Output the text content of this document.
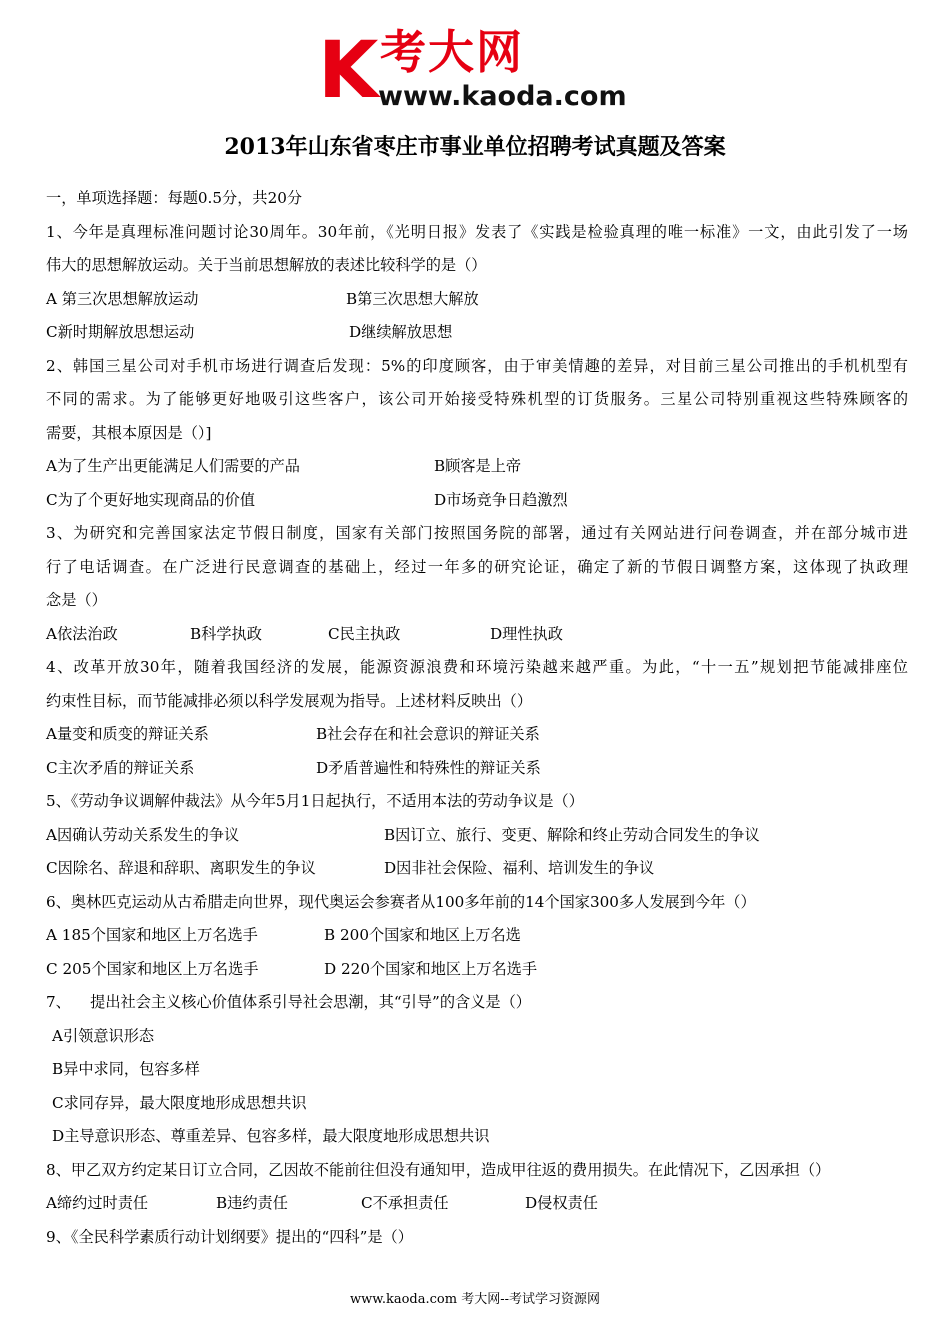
K 考大网
www.kaoda.com
2013年山东省枣庄市事业单位招聘考试真题及答案
一，单项选择题：每题0.5分，共20分
1、今年是真理标准问题讨论30周年。30年前，《光明日报》发表了《实践是检验真理的唯一标准》一文，由此引发了一场
伟大的思想解放运动。关于当前思想解放的表述比较科学的是（）
A 第三次思想解放运动	B第三次思想大解放
C新时期解放思想运动	D继续解放思想
2、韩国三星公司对手机市场进行调查后发现：5%的印度顾客，由于审美情趣的差异，对目前三星公司推出的手机机型有
不同的需求。为了能够更好地吸引这些客户，该公司开始接受特殊机型的订货服务。三星公司特别重视这些特殊顾客的
需要，其根本原因是（）]
A为了生产出更能满足人们需要的产品	B顾客是上帝
C为了个更好地实现商品的价值	D市场竞争日趋激烈
3、为研究和完善国家法定节假日制度，国家有关部门按照国务院的部署，通过有关网站进行问卷调查，并在部分城市进
行了电话调查。在广泛进行民意调查的基础上，经过一年多的研究论证，确定了新的节假日调整方案，这体现了执政理
念是（）
A依法治政	B科学执政	C民主执政	D理性执政
4、改革开放30年，随着我国经济的发展，能源资源浪费和环境污染越来越严重。为此，“十一五”规划把节能减排座位
约束性目标，而节能减排必须以科学发展观为指导。上述材料反映出（）
A量变和质变的辩证关系	B社会存在和社会意识的辩证关系
C主次矛盾的辩证关系	D矛盾普遍性和特殊性的辩证关系
5、《劳动争议调解仲裁法》从今年5月1日起执行，不适用本法的劳动争议是（）
A因确认劳动关系发生的争议	B因订立、旅行、变更、解除和终止劳动合同发生的争议
C因除名、辞退和辞职、离职发生的争议	D因非社会保险、福利、培训发生的争议
6、奥林匹克运动从古希腊走向世界，现代奥运会参赛者从100多年前的14个国家300多人发展到今年（）
A 185个国家和地区上万名选手	B 200个国家和地区上万名选
C 205个国家和地区上万名选手	D 220个国家和地区上万名选手
7、    提出社会主义核心价值体系引导社会思潮，其“引导”的含义是（）
A引领意识形态
B异中求同，包容多样
C求同存异，最大限度地形成思想共识
D主导意识形态、尊重差异、包容多样，最大限度地形成思想共识
8、甲乙双方约定某日订立合同，乙因故不能前往但没有通知甲，造成甲往返的费用损失。在此情况下，乙因承担（）
A缔约过时责任	B违约责任	C不承担责任	D侵权责任
9、《全民科学素质行动计划纲要》提出的“四科”是（）
www.kaoda.com 考大网--考试学习资源网
